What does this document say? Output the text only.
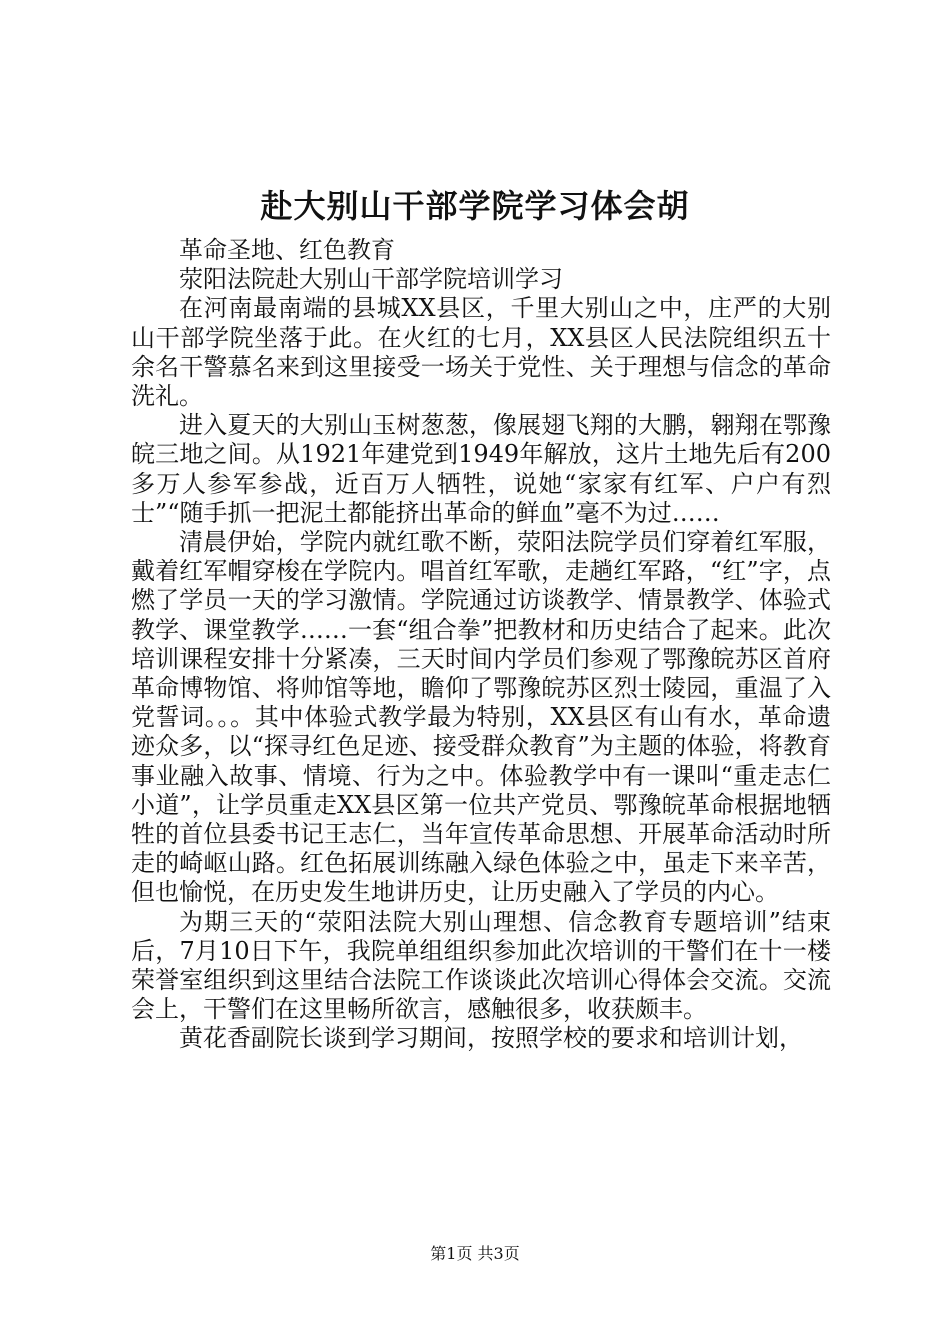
赴大别山干部学院学习体会胡

革命圣地、红色教育

荥阳法院赴大别山干部学院培训学习

在河南最南端的县城XX县区，千里大别山之中，庄严的大别山干部学院坐落于此。在火红的七月，XX县区人民法院组织五十余名干警慕名来到这里接受一场关于党性、关于理想与信念的革命洗礼。

进入夏天的大别山玉树葱葱，像展翅飞翔的大鹏，翱翔在鄂豫皖三地之间。从1921年建党到1949年解放，这片土地先后有200多万人参军参战，近百万人牺牲，说她“家家有红军、户户有烈士”“随手抓一把泥土都能挤出革命的鲜血”毫不为过……

清晨伊始，学院内就红歌不断，荥阳法院学员们穿着红军服，戴着红军帽穿梭在学院内。唱首红军歌，走趟红军路，“红”字，点燃了学员一天的学习激情。学院通过访谈教学、情景教学、体验式教学、课堂教学……一套“组合拳”把教材和历史结合了起来。此次培训课程安排十分紧凑，三天时间内学员们参观了鄂豫皖苏区首府革命博物馆、将帅馆等地，瞻仰了鄂豫皖苏区烈士陵园，重温了入党誓词。。。其中体验式教学最为特别，XX县区有山有水，革命遗迹众多，以“探寻红色足迹、接受群众教育”为主题的体验，将教育事业融入故事、情境、行为之中。体验教学中有一课叫“重走志仁小道”，让学员重走XX县区第一位共产党员、鄂豫皖革命根据地牺牲的首位县委书记王志仁，当年宣传革命思想、开展革命活动时所走的崎岖山路。红色拓展训练融入绿色体验之中，虽走下来辛苦，但也愉悦，在历史发生地讲历史，让历史融入了学员的内心。

为期三天的“荥阳法院大别山理想、信念教育专题培训”结束后，7月10日下午，我院单组组织参加此次培训的干警们在十一楼荣誉室组织到这里结合法院工作谈谈此次培训心得体会交流。交流会上，干警们在这里畅所欲言，感触很多，收获颇丰。

黄花香副院长谈到学习期间，按照学校的要求和培训计划，

第1页 共3页
